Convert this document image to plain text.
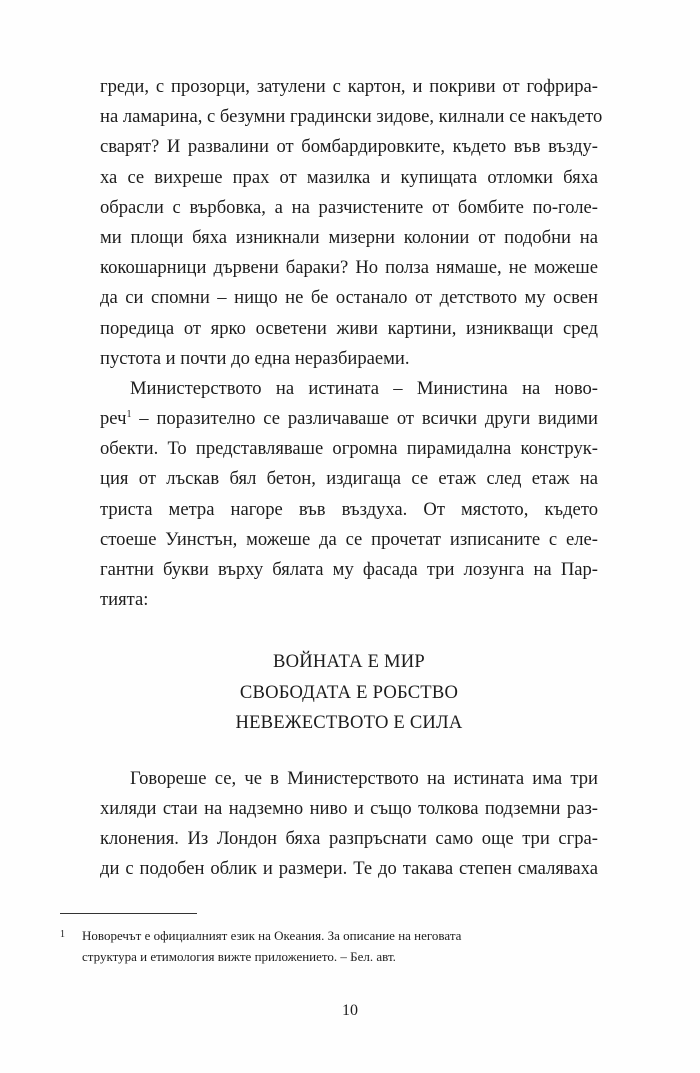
греди, с прозорци, затулени с картон, и покриви от гофрира-
на ламарина, с безумни градински зидове, килнали се накъдето
сварят? И развалини от бомбардировките, където във възду-
ха се вихреше прах от мазилка и купищата отломки бяха
обрасли с върбовка, а на разчистените от бомбите по-голе-
ми площи бяха изникнали мизерни колонии от подобни на
кокошарници дървени бараки? Но полза нямаше, не можеше
да си спомни – нищо не бе останало от детството му освен
поредица от ярко осветени живи картини, изникващи сред
пустота и почти до една неразбираеми.
Министерството на истината – Министина на ново-
реч$^1$ – поразително се различаваше от всички други видими
обекти. То представляваше огромна пирамидална конструк-
ция от лъскав бял бетон, издигаща се етаж след етаж на
триста метра нагоре във въздуха. От мястото, където
стоеше Уинстън, можеше да се прочетат изписаните с еле-
гантни букви върху бялата му фасада три лозунга на Пар-
тията:
ВОЙНАТА Е МИР
СВОБОДАТА Е РОБСТВО
НЕВЕЖЕСТВОТО Е СИЛА
Говореше се, че в Министерството на истината има три
хиляди стаи на надземно ниво и също толкова подземни раз-
клонения. Из Лондон бяха разпръснати само още три сгра-
ди с подобен облик и размери. Те до такава степен смаляваха
1 Новоречът е официалният език на Океания. За описание на неговата
структура и етимология вижте приложението. – Бел. авт.
10
